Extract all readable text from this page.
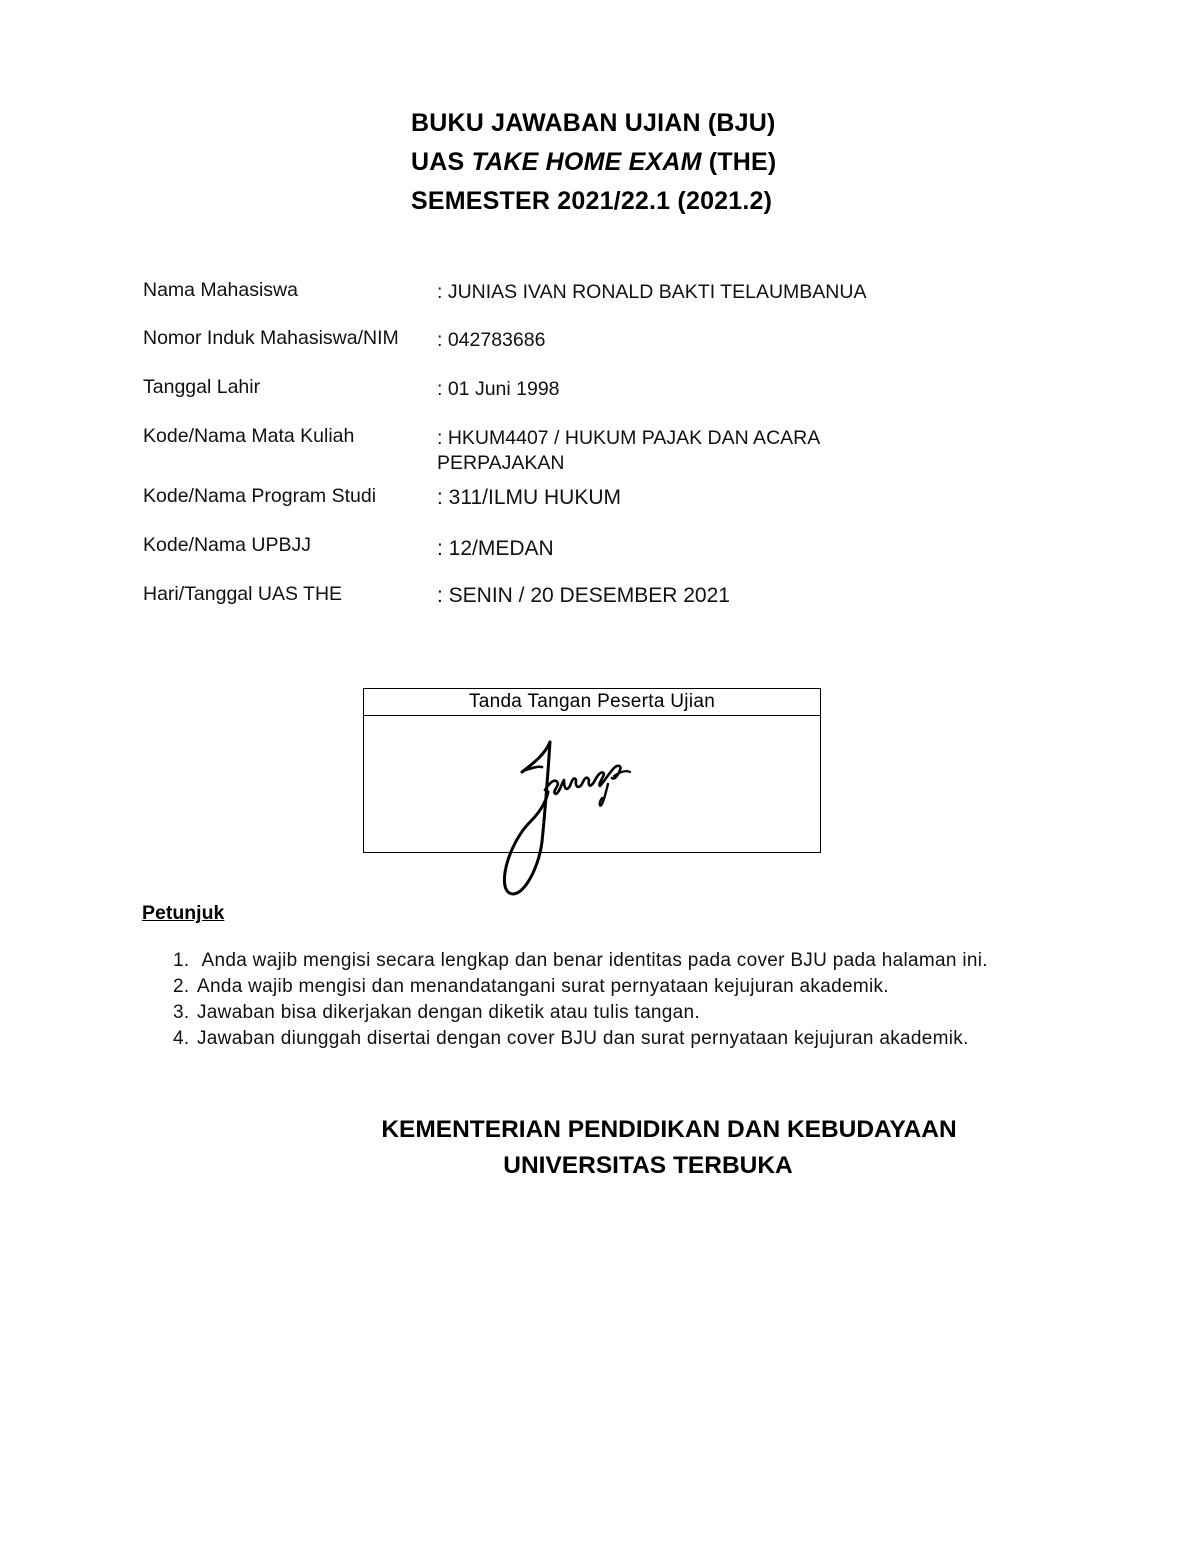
BUKU JAWABAN UJIAN (BJU)
UAS TAKE HOME EXAM (THE)
SEMESTER 2021/22.1 (2021.2)
Nama Mahasiswa	: JUNIAS IVAN RONALD BAKTI TELAUMBANUA
Nomor Induk Mahasiswa/NIM : 042783686
Tanggal Lahir	: 01 Juni 1998
Kode/Nama Mata Kuliah	: HKUM4407 / HUKUM PAJAK DAN ACARA
PERPAJAKAN
Kode/Nama Program Studi	: 311/ILMU HUKUM
Kode/Nama UPBJJ	: 12/MEDAN
Hari/Tanggal UAS THE	: SENIN / 20 DESEMBER 2021
Tanda Tangan Peserta Ujian
Petunjuk
1. Anda wajib mengisi secara lengkap dan benar identitas pada cover BJU pada halaman ini.
2. Anda wajib mengisi dan menandatangani surat pernyataan kejujuran akademik.
3. Jawaban bisa dikerjakan dengan diketik atau tulis tangan.
4. Jawaban diunggah disertai dengan cover BJU dan surat pernyataan kejujuran akademik.
KEMENTERIAN PENDIDIKAN DAN KEBUDAYAAN
UNIVERSITAS TERBUKA
